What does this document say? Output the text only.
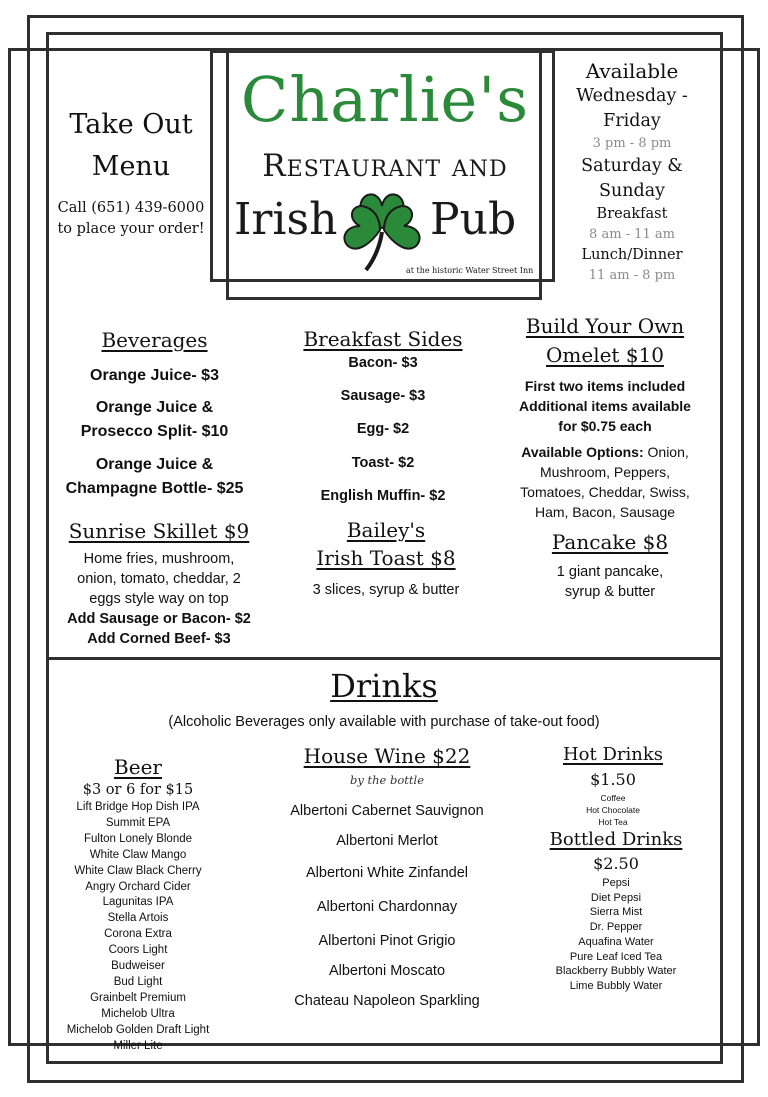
Take Out
Menu
Call (651) 439-6000
to place your order!
Charlie's
Restaurant and
Irish Pub
at the historic Water Street Inn
Available
Wednesday -
Friday
3 pm - 8 pm
Saturday &
Sunday
Breakfast
8 am - 11 am
Lunch/Dinner
11 am - 8 pm
Beverages
Orange Juice- $3
Orange Juice &
Prosecco Split- $10
Orange Juice &
Champagne Bottle- $25
Sunrise Skillet $9
Home fries, mushroom,
onion, tomato, cheddar, 2
eggs style way on top
Add Sausage or Bacon- $2
Add Corned Beef- $3
Breakfast Sides
Bacon- $3
Sausage- $3
Egg- $2
Toast- $2
English Muffin- $2
Bailey's
Irish Toast $8
3 slices, syrup & butter
Build Your Own
Omelet $10
First two items included
Additional items available
for $0.75 each
Available Options: Onion,
Mushroom, Peppers,
Tomatoes, Cheddar, Swiss,
Ham, Bacon, Sausage
Pancake $8
1 giant pancake,
syrup & butter
Drinks
(Alcoholic Beverages only available with purchase of take-out food)
Beer
$3 or 6 for $15
Lift Bridge Hop Dish IPA
Summit EPA
Fulton Lonely Blonde
White Claw Mango
White Claw Black Cherry
Angry Orchard Cider
Lagunitas IPA
Stella Artois
Corona Extra
Coors Light
Budweiser
Bud Light
Grainbelt Premium
Michelob Ultra
Michelob Golden Draft Light
Miller Lite
House Wine $22
by the bottle
Albertoni Cabernet Sauvignon
Albertoni Merlot
Albertoni White Zinfandel
Albertoni Chardonnay
Albertoni Pinot Grigio
Albertoni Moscato
Chateau Napoleon Sparkling
Hot Drinks
$1.50
Coffee
Hot Chocolate
Hot Tea
Bottled Drinks
$2.50
Pepsi
Diet Pepsi
Sierra Mist
Dr. Pepper
Aquafina Water
Pure Leaf Iced Tea
Blackberry Bubbly Water
Lime Bubbly Water
